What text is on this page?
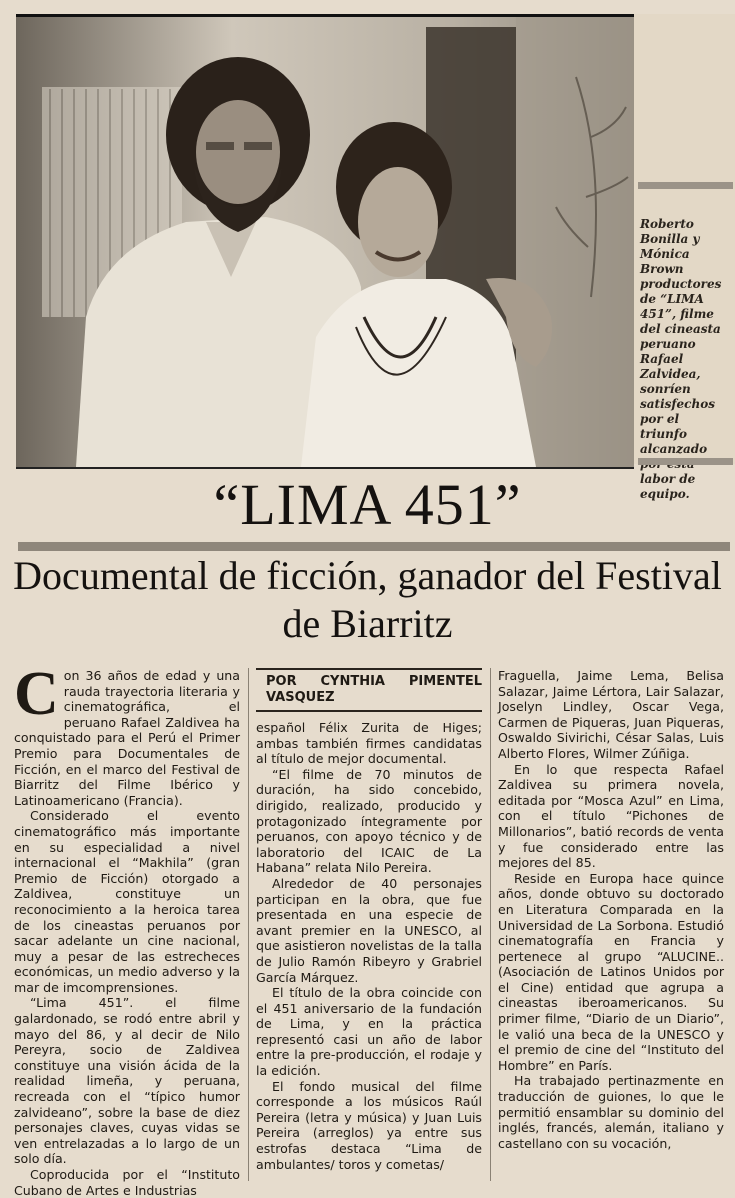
Roberto Bonilla y Mónica Brown productores de “LIMA 451”, filme del cineasta peruano Rafael Zalvidea, sonríen satisfechos por el triunfo alcanzado labor de equipo.
“LIMA 451”
Documental de ficción, ganador del Festival de Biarritz
C on 36 años de edad y una rauda trayectoria literaria y cinematográfica, el peruano Rafael Zaldivea ha conquistado para el Perú el Primer Premio para Documentales de Ficción, en el marco del Festival de Biarritz del Filme Ibérico y Latinoamericano (Francia).

Considerado el evento cinematográfico más importante en su especialidad a nivel internacional el “Makhila” (gran Premio de Ficción) otorgado a Zaldivea, constituye un reconocimiento a la heroica tarea de los cineastas peruanos por sacar adelante un cine nacional, muy a pesar de las estrecheces económicas, un medio adverso y la mar de imcomprensiones.

“Lima 451”. el filme galardonado, se rodó entre abril y mayo del 86, y al decir de Nilo Pereyra, socio de Zaldivea constituye una visión ácida de la realidad limeña, y peruana, recreada con el “típico humor zalvideano”, sobre la base de diez personajes claves, cuyas vidas se ven entrelazadas a lo largo de un solo día.

Coproducida por el “Instituto Cubano de Artes e Industrias

POR CYNTHIA PIMENTEL VASQUEZ

español Félix Zurita de Higes; ambas también firmes candidatas al título de mejor documental.

“El filme de 70 minutos de duración, ha sido concebido, dirigido, realizado, producido y protagonizado íntegramente por peruanos, con apoyo técnico y de laboratorio del ICAIC de La Habana” relata Nilo Pereira.

Alrededor de 40 personajes participan en la obra, que fue presentada en una especie de avant premier en la UNESCO, al que asistieron novelistas de la talla de Julio Ramón Ribeyro y Grabriel García Márquez.

El título de la obra coincide con el 451 aniversario de la fundación de Lima, y en la práctica representó casi un año de labor entre la pre-producción, el rodaje y la edición.

El fondo musical del filme corresponde a los músicos Raúl Pereira (letra y música) y Juan Luis Pereira (arreglos) ya entre sus estrofas destaca “Lima de ambulantes/ toros y cometas/

Fraguella, Jaime Lema, Belisa Salazar, Jaime Lértora, Lair Salazar, Joselyn Lindley, Oscar Vega, Carmen de Piqueras, Juan Piqueras, Oswaldo Sivirichi, César Salas, Luis Alberto Flores, Wilmer Zúñiga.

En lo que respecta Rafael Zaldivea su primera novela, editada por “Mosca Azul” en Lima, con el título “Pichones de Millonarios”, batió records de venta y fue considerado entre las mejores del 85.

Reside en Europa hace quince años, donde obtuvo su doctorado en Literatura Comparada en la Universidad de La Sorbona. Estudió cinematografía en Francia y pertenece al grupo “ALUCINE.. (Asociación de Latinos Unidos por el Cine) entidad que agrupa a cineastas iberoamericanos. Su primer filme, “Diario de un Diario”, le valió una beca de la UNESCO y el premio de cine del “Instituto del Hombre” en París.

Ha trabajado pertinazmente en traducción de guiones, lo que le permitió ensamblar su dominio del inglés, francés, alemán, italiano y castellano con su vocación,
